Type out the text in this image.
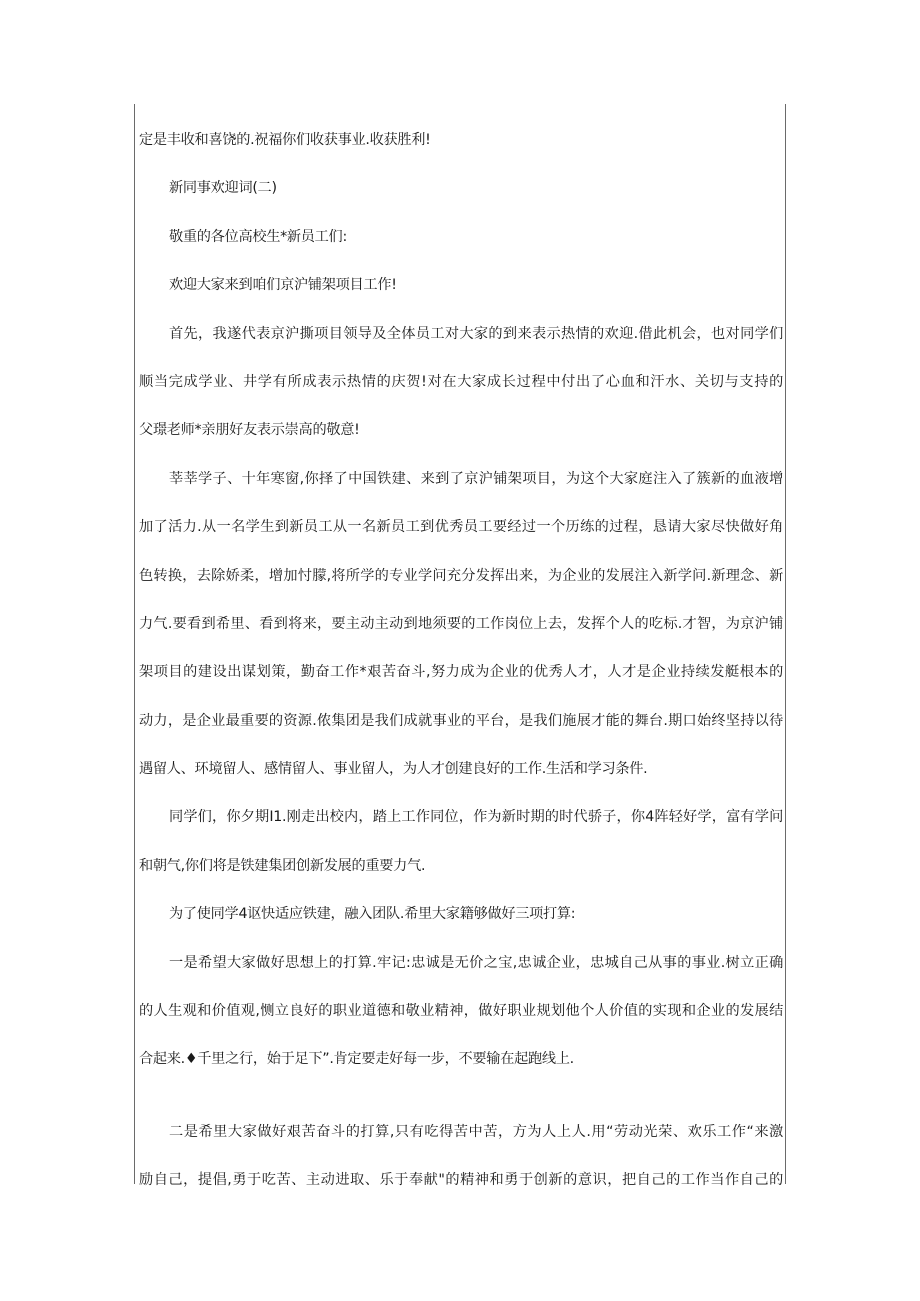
定是丰收和喜饶的.祝福你们收获事业.收获胜利!
新同事欢迎词(二)
敬重的各位高校生*新员工们:
欢迎大家来到咱们京沪铺架项目工作!
首先，我遂代表京沪撕项目领导及全体员工对大家的到来表示热情的欢迎.借此机会，也对同学们
顺当完成学业、井学有所成表示热情的庆贺!对在大家成长过程中付出了心血和汗水、关切与支持的
父璟老师*亲朋好友表示崇高的敬意!
莘莘学子、十年寒窗,你择了中国铁建、来到了京沪铺架项目，为这个大家庭注入了簇新的血液增
加了活力.从一名学生到新员工从一名新员工到优秀员工要经过一个历练的过程，恳请大家尽快做好角
色转换，去除娇柔，增加忖朦,将所学的专业学问充分发挥出来，为企业的发展注入新学问.新理念、新
力气.要看到希里、看到将来，要主动主动到地须要的工作岗位上去，发挥个人的吃标.才智，为京沪铺
架项目的建设出谋划策，勤奋工作*艰苦奋斗,努力成为企业的优秀人才，人才是企业持续发艇根本的
动力，是企业最重要的资源.侬集团是我们成就事业的平台，是我们施展才能的舞台.期口始终坚持以待
遇留人、环境留人、感情留人、事业留人，为人才创建良好的工作.生活和学习条件.
同学们，你夕期I1.刚走出校内，踏上工作同位，作为新时期的时代骄子，你4阵轻好学，富有学问
和朝气,你们将是铁建集团创新发展的重要力气.
为了使同学4讴快适应铁建，融入团队.希里大家籍够做好三项打算:
一是希望大家做好思想上的打算.牢记:忠诚是无价之宝,忠诚企业，忠城自己从事的事业.树立正确
的人生观和价值观,恻立良好的职业道德和敬业精神，做好职业规划他个人价值的实现和企业的发展结
合起来.♦千里之行，始于足下”.肯定要走好每一步，不要输在起跑线上.
二是希里大家做好艰苦奋斗的打算,只有吃得苦中苦，方为人上人.用“劳动光荣、欢乐工作“来激
励自己，提倡,勇于吃苦、主动进取、乐于奉献"的精神和勇于创新的意识，把自己的工作当作自己的
